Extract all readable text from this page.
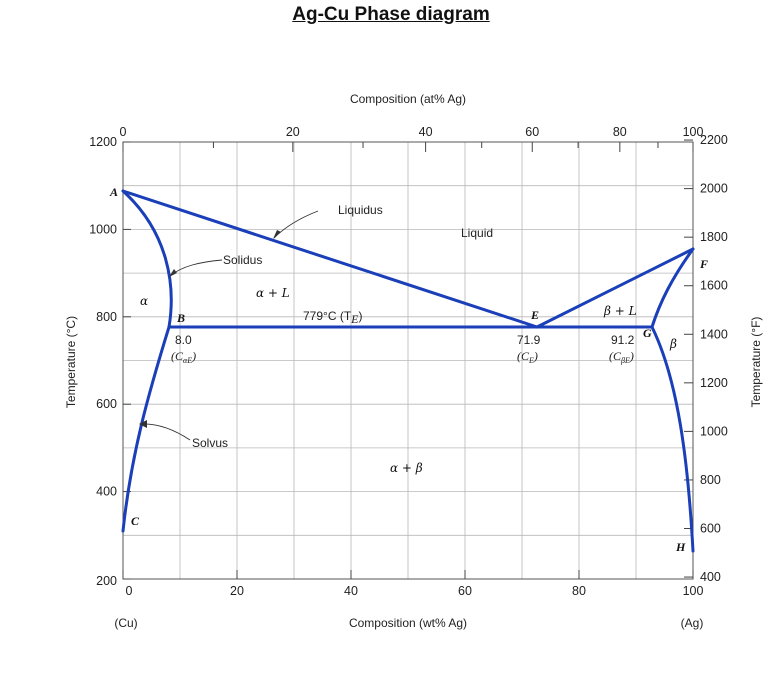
Ag-Cu Phase diagram
0	20	40	60	80	100
0	20	40	60	80	100
200
400
600
800
1000
1200
400
600
800
1000
1200
1400
1600
1800
2000
2200
Composition (at% Ag)
Composition (wt% Ag)
(Cu)	(Ag)
Temperature (°C)	Temperature (°F)
Liquidus
Solidus
Solvus
Liquid
α
β
α + L
β + L
α + β
779°C (TE)
A
B
C
E
F
G
H
8.0
$(C_{\alpha E})$
71.9
$(C_E)$
91.2
$(C_{\beta E})$
